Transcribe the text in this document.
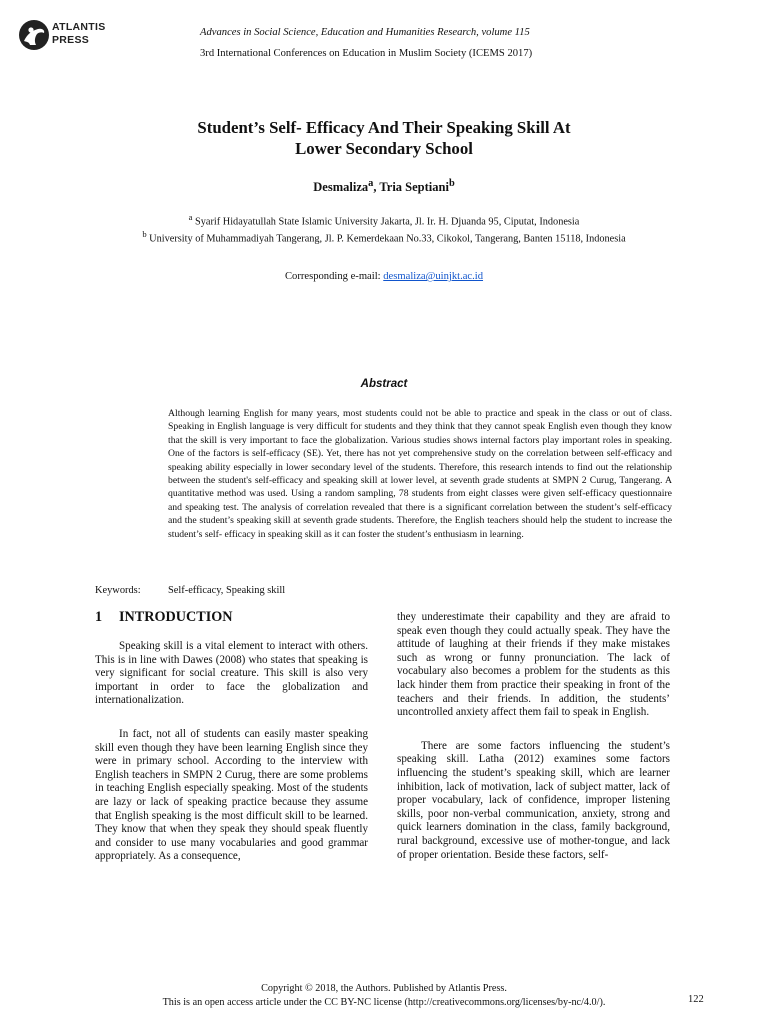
ATLANTIS
PRESS
Advances in Social Science, Education and Humanities Research, volume 115
3rd International Conferences on Education in Muslim Society (ICEMS 2017)
Student’s Self- Efficacy And Their Speaking Skill At
Lower Secondary School
Desmaliza$^a$, Tria Septiani$^b$
$^a$ Syarif Hidayatullah State Islamic University Jakarta, Jl. Ir. H. Djuanda 95, Ciputat, Indonesia
$^b$ University of Muhammadiyah Tangerang, Jl. P. Kemerdekaan No.33, Cikokol, Tangerang, Banten 15118, Indonesia
Corresponding e-mail: desmaliza@uinjkt.ac.id
Abstract
Although learning English for many years, most students could not be able to practice and speak in the class or out of class. Speaking in English language is very difficult for students and they think that they cannot speak English even though they know that the skill is very important to face the globalization. Various studies shows internal factors play important roles in speaking. One of the factors is self-efficacy (SE). Yet, there has not yet comprehensive study on the correlation between self-efficacy and speaking ability especially in lower secondary level of the students. Therefore, this research intends to find out the relationship between the student's self-efficacy and speaking skill at lower level, at seventh grade students at SMPN 2 Curug, Tangerang. A quantitative method was used. Using a random sampling, 78 students from eight classes were given self-efficacy questionnaire and speaking test. The analysis of correlation revealed that there is a significant correlation between the student’s self-efficacy and the student’s speaking skill at seventh grade students. Therefore, the English teachers should help the student to increase the student’s self- efficacy in speaking skill as it can foster the student’s enthusiasm in learning.
Keywords:	Self-efficacy, Speaking skill
1 INTRODUCTION

Speaking skill is a vital element to interact with others. This is in line with Dawes (2008) who states that speaking is very significant for social creature. This skill is also very important in order to face the globalization and internationalization.

In fact, not all of students can easily master speaking skill even though they have been learning English since they were in primary school. According to the interview with English teachers in SMPN 2 Curug, there are some problems in teaching English especially speaking. Most of the students are lazy or lack of speaking practice because they assume that English speaking is the most difficult skill to be learned. They know that when they speak they should speak fluently and consider to use many vocabularies and good grammar appropriately. As a consequence,

they underestimate their capability and they are afraid to speak even though they could actually speak. They have the attitude of laughing at their friends if they make mistakes such as wrong or funny pronunciation. The lack of vocabulary also becomes a problem for the students as this lack hinder them from practice their speaking in front of the teachers and their friends. In addition, the students’ uncontrolled anxiety affect them fail to speak in English.

There are some factors influencing the student’s speaking skill. Latha (2012) examines some factors influencing the student’s speaking skill, which are learner inhibition, lack of motivation, lack of subject matter, lack of proper vocabulary, lack of confidence, improper listening skills, poor non-verbal communication, anxiety, strong and quick learners domination in the class, family background, rural background, excessive use of mother-tongue, and lack of proper orientation. Beside these factors, self-

Copyright © 2018, the Authors. Published by Atlantis Press.
This is an open access article under the CC BY-NC license (http://creativecommons.org/licenses/by-nc/4.0/).	122
